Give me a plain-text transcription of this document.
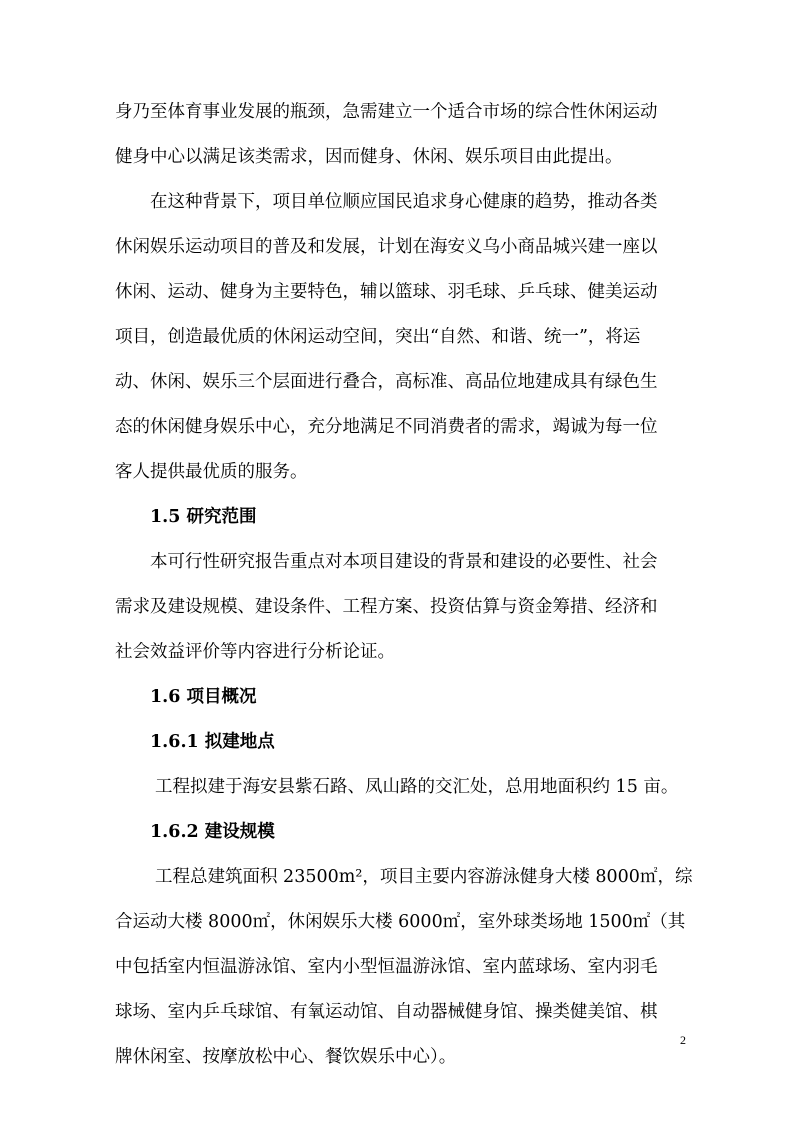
身乃至体育事业发展的瓶颈，急需建立一个适合市场的综合性休闲运动
健身中心以满足该类需求，因而健身、休闲、娱乐项目由此提出。
在这种背景下，项目单位顺应国民追求身心健康的趋势，推动各类
休闲娱乐运动项目的普及和发展，计划在海安义乌小商品城兴建一座以
休闲、运动、健身为主要特色，辅以篮球、羽毛球、乒乓球、健美运动
项目，创造最优质的休闲运动空间，突出“自然、和谐、统一”，将运
动、休闲、娱乐三个层面进行叠合，高标准、高品位地建成具有绿色生
态的休闲健身娱乐中心，充分地满足不同消费者的需求，竭诚为每一位
客人提供最优质的服务。
1.5 研究范围
本可行性研究报告重点对本项目建设的背景和建设的必要性、社会
需求及建设规模、建设条件、工程方案、投资估算与资金筹措、经济和
社会效益评价等内容进行分析论证。
1.6 项目概况
1.6.1 拟建地点
工程拟建于海安县紫石路、凤山路的交汇处，总用地面积约 15 亩。
1.6.2 建设规模
工程总建筑面积 23500m²，项目主要内容游泳健身大楼 8000㎡，综
合运动大楼 8000㎡，休闲娱乐大楼 6000㎡，室外球类场地 1500㎡（其
中包括室内恒温游泳馆、室内小型恒温游泳馆、室内蓝球场、室内羽毛
球场、室内乒乓球馆、有氧运动馆、自动器械健身馆、操类健美馆、棋
牌休闲室、按摩放松中心、餐饮娱乐中心）。
2
